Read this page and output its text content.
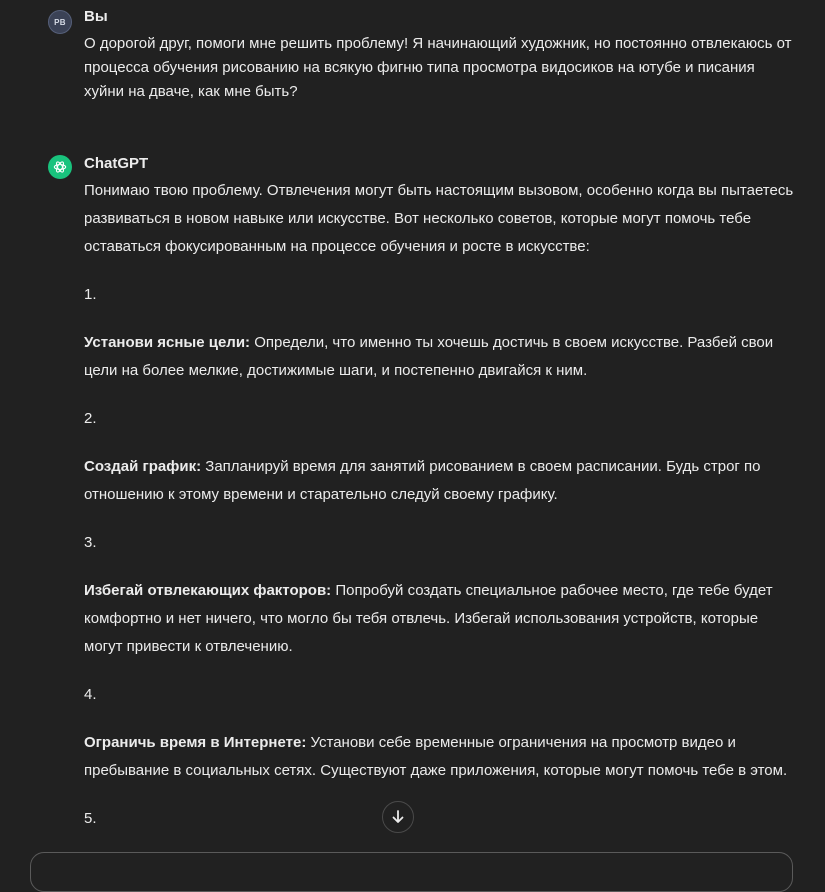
PB Вы

О дорогой друг, помоги мне решить проблему! Я начинающий художник, но постоянно отвлекаюсь от процесса обучения рисованию на всякую фигню типа просмотра видосиков на ютубе и писания хуйни на дваче, как мне быть?

ChatGPT

Понимаю твою проблему. Отвлечения могут быть настоящим вызовом, особенно когда вы пытаетесь развиваться в новом навыке или искусстве. Вот несколько советов, которые могут помочь тебе оставаться фокусированным на процессе обучения и росте в искусстве:

1.

Установи ясные цели: Определи, что именно ты хочешь достичь в своем искусстве. Разбей свои цели на более мелкие, достижимые шаги, и постепенно двигайся к ним.

2.

Создай график: Запланируй время для занятий рисованием в своем расписании. Будь строг по отношению к этому времени и старательно следуй своему графику.

3.

Избегай отвлекающих факторов: Попробуй создать специальное рабочее место, где тебе будет комфортно и нет ничего, что могло бы тебя отвлечь. Избегай использования устройств, которые могут привести к отвлечению.

4.

Ограничь время в Интернете: Установи себе временные ограничения на просмотр видео и пребывание в социальных сетях. Существуют даже приложения, которые могут помочь тебе в этом.

5.
